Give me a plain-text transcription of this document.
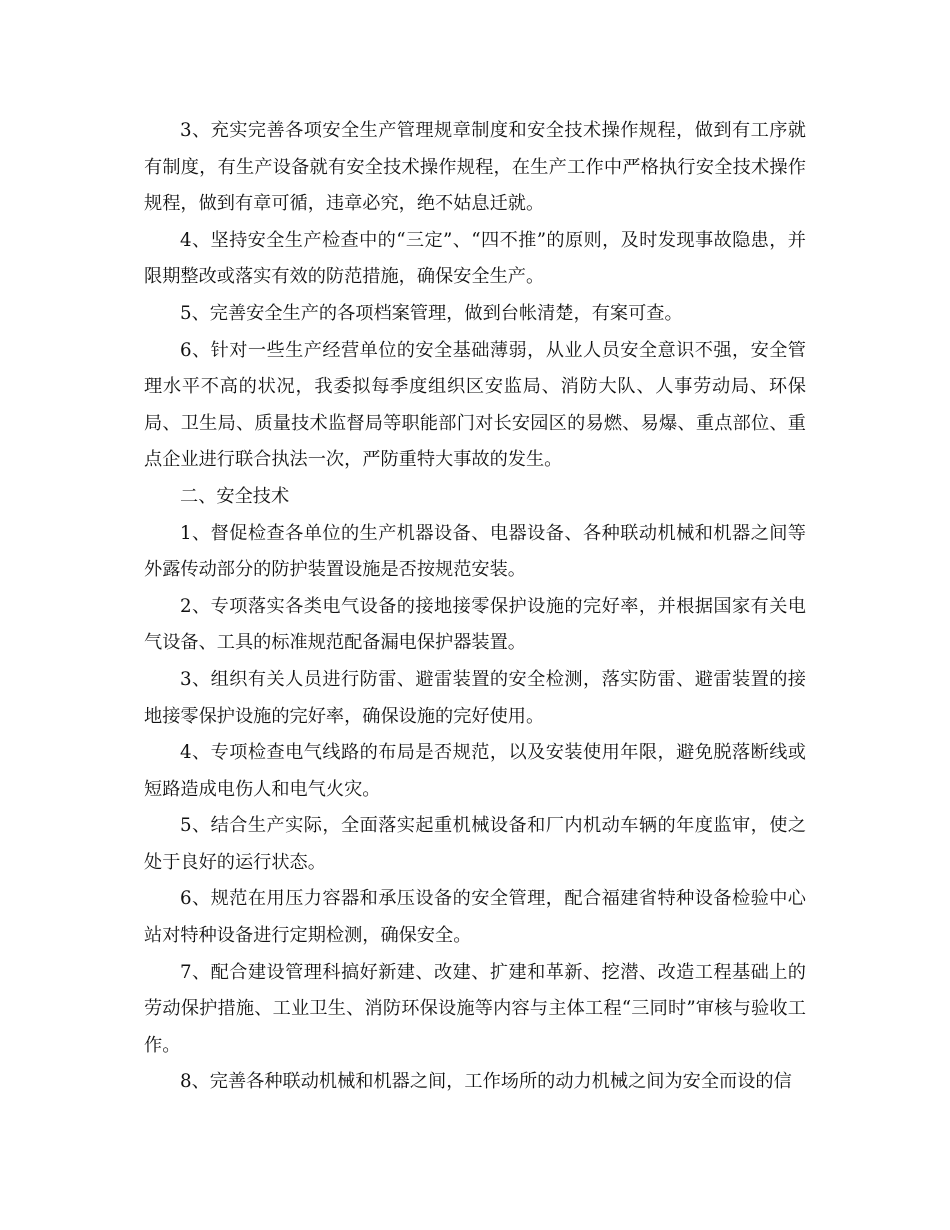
3、充实完善各项安全生产管理规章制度和安全技术操作规程，做到有工序就有制度，有生产设备就有安全技术操作规程，在生产工作中严格执行安全技术操作规程，做到有章可循，违章必究，绝不姑息迁就。

4、坚持安全生产检查中的“三定”、“四不推”的原则，及时发现事故隐患，并限期整改或落实有效的防范措施，确保安全生产。

5、完善安全生产的各项档案管理，做到台帐清楚，有案可查。

6、针对一些生产经营单位的安全基础薄弱，从业人员安全意识不强，安全管理水平不高的状况，我委拟每季度组织区安监局、消防大队、人事劳动局、环保局、卫生局、质量技术监督局等职能部门对长安园区的易燃、易爆、重点部位、重点企业进行联合执法一次，严防重特大事故的发生。

二、安全技术

1、督促检查各单位的生产机器设备、电器设备、各种联动机械和机器之间等外露传动部分的防护装置设施是否按规范安装。

2、专项落实各类电气设备的接地接零保护设施的完好率，并根据国家有关电气设备、工具的标准规范配备漏电保护器装置。

3、组织有关人员进行防雷、避雷装置的安全检测，落实防雷、避雷装置的接地接零保护设施的完好率，确保设施的完好使用。

4、专项检查电气线路的布局是否规范，以及安装使用年限，避免脱落断线或短路造成电伤人和电气火灾。

5、结合生产实际，全面落实起重机械设备和厂内机动车辆的年度监审，使之处于良好的运行状态。

6、规范在用压力容器和承压设备的安全管理，配合福建省特种设备检验中心站对特种设备进行定期检测，确保安全。

7、配合建设管理科搞好新建、改建、扩建和革新、挖潜、改造工程基础上的劳动保护措施、工业卫生、消防环保设施等内容与主体工程“三同时”审核与验收工作。

8、完善各种联动机械和机器之间，工作场所的动力机械之间为安全而设的信
